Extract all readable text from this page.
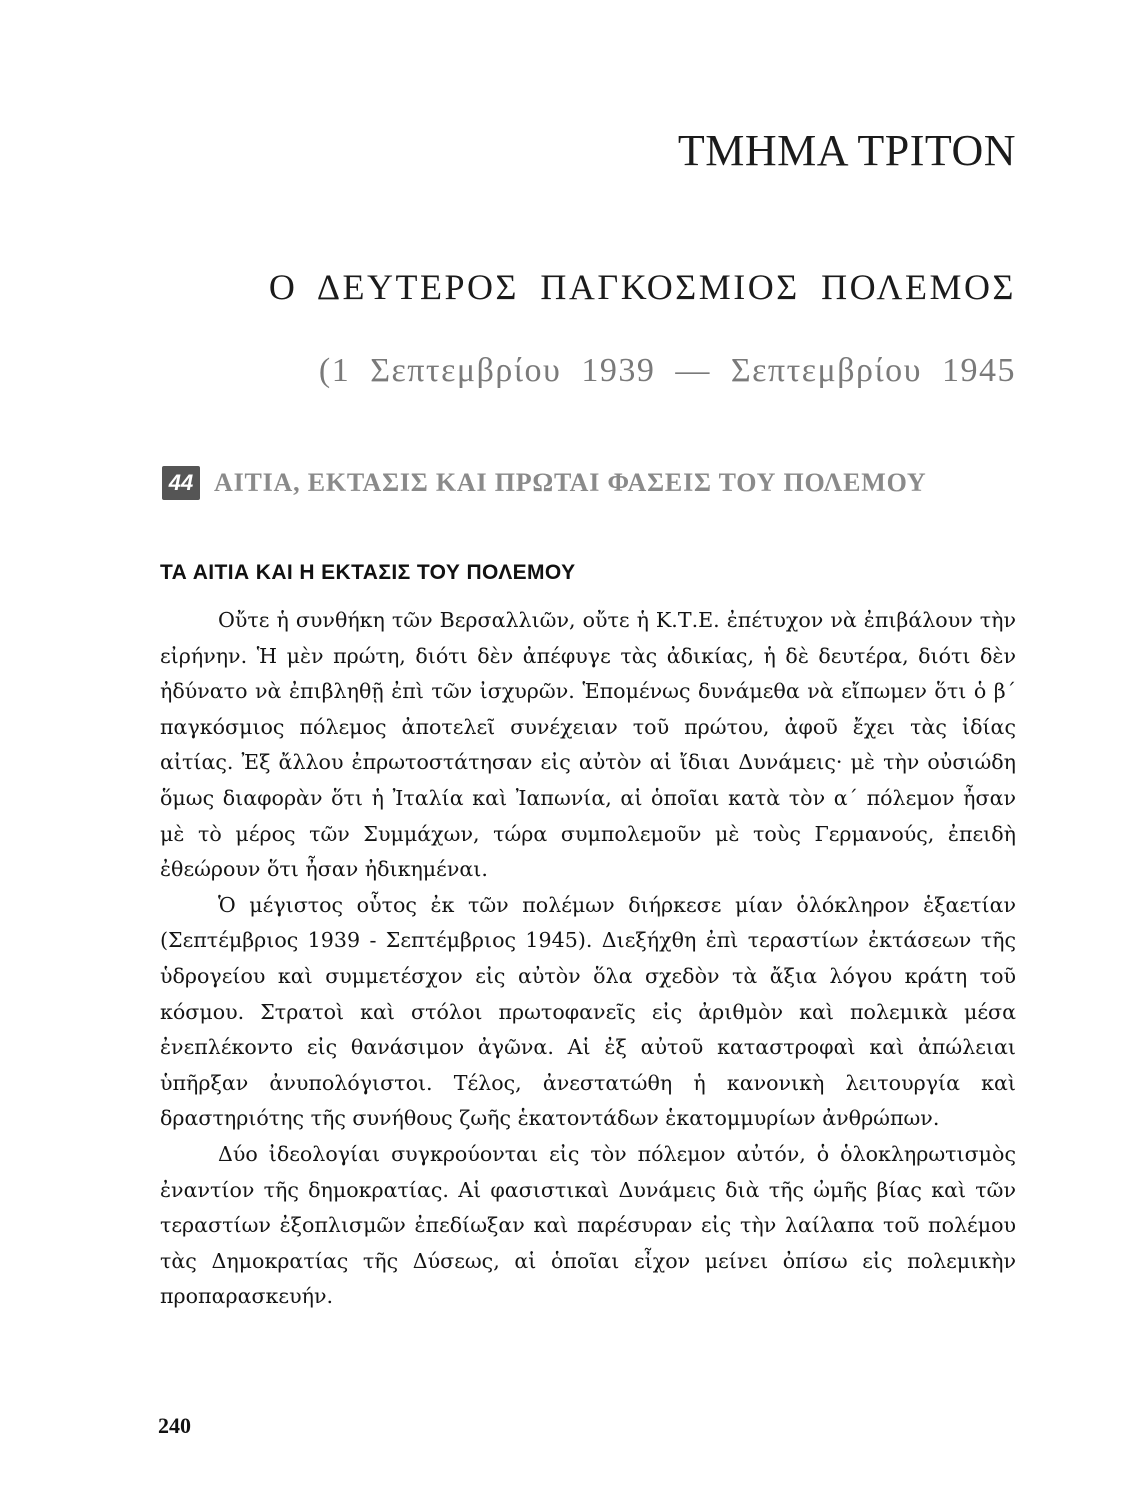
ΤΜΗΜΑ ΤΡΙΤΟΝ
Ο ΔΕΥΤΕΡΟΣ ΠΑΓΚΟΣΜΙΟΣ ΠΟΛΕΜΟΣ
(1 Σεπτεμβρίου 1939 — Σεπτεμβρίου 1945
44 ΑΙΤΙΑ, ΕΚΤΑΣΙΣ ΚΑΙ ΠΡΩΤΑΙ ΦΑΣΕΙΣ ΤΟΥ ΠΟΛΕΜΟΥ
ΤΑ ΑΙΤΙΑ ΚΑΙ Η ΕΚΤΑΣΙΣ ΤΟΥ ΠΟΛΕΜΟΥ

Οὔτε ἡ συνθήκη τῶν Βερσαλλιῶν, οὔτε ἡ Κ.Τ.Ε. ἐπέτυχον νὰ ἐπιβάλουν τὴν εἰρήνην. Ἡ μὲν πρώτη, διότι δὲν ἀπέφυγε τὰς ἀδικίας, ἡ δὲ δευτέρα, διότι δὲν ἠδύνατο νὰ ἐπιβληθῇ ἐπὶ τῶν ἰσχυρῶν. Ἑπομένως δυνάμεθα νὰ εἴπωμεν ὅτι ὁ β΄ παγκόσμιος πόλεμος ἀποτελεῖ συνέχειαν τοῦ πρώτου, ἀφοῦ ἔχει τὰς ἰδίας αἰτίας. Ἐξ ἄλλου ἐπρωτοστάτησαν εἰς αὐτὸν αἱ ἴδιαι Δυνάμεις· μὲ τὴν οὐσιώδη ὅμως διαφορὰν ὅτι ἡ Ἰταλία καὶ Ἰαπωνία, αἱ ὁποῖαι κατὰ τὸν α΄ πόλεμον ἦσαν μὲ τὸ μέρος τῶν Συμμάχων, τώρα συμπολεμοῦν μὲ τοὺς Γερμανούς, ἐπειδὴ ἐθεώρουν ὅτι ἦσαν ἠδικημέναι.

Ὁ μέγιστος οὗτος ἐκ τῶν πολέμων διήρκεσε μίαν ὁλόκληρον ἑξαετίαν (Σεπτέμβριος 1939 - Σεπτέμβριος 1945). Διεξήχθη ἐπὶ τεραστίων ἐκτάσεων τῆς ὑδρογείου καὶ συμμετέσχον εἰς αὐτὸν ὅλα σχεδὸν τὰ ἄξια λόγου κράτη τοῦ κόσμου. Στρατοὶ καὶ στόλοι πρωτοφανεῖς εἰς ἀριθμὸν καὶ πολεμικὰ μέσα ἐνεπλέκοντο εἰς θανάσιμον ἀγῶνα. Αἱ ἐξ αὐτοῦ καταστροφαὶ καὶ ἀπώλειαι ὑπῆρξαν ἀνυπολόγιστοι. Τέλος, ἀνεστατώθη ἡ κανονικὴ λειτουργία καὶ δραστηριότης τῆς συνήθους ζωῆς ἑκατοντάδων ἑκατομμυρίων ἀνθρώπων.

Δύο ἰδεολογίαι συγκρούονται εἰς τὸν πόλεμον αὐτόν, ὁ ὁλοκληρωτισμὸς ἐναντίον τῆς δημοκρατίας. Αἱ φασιστικαὶ Δυνάμεις διὰ τῆς ὠμῆς βίας καὶ τῶν τεραστίων ἐξοπλισμῶν ἐπεδίωξαν καὶ παρέσυραν εἰς τὴν λαίλαπα τοῦ πολέμου τὰς Δημοκρατίας τῆς Δύσεως, αἱ ὁποῖαι εἶχον μείνει ὀπίσω εἰς πολεμικὴν προπαρασκευήν.

240
